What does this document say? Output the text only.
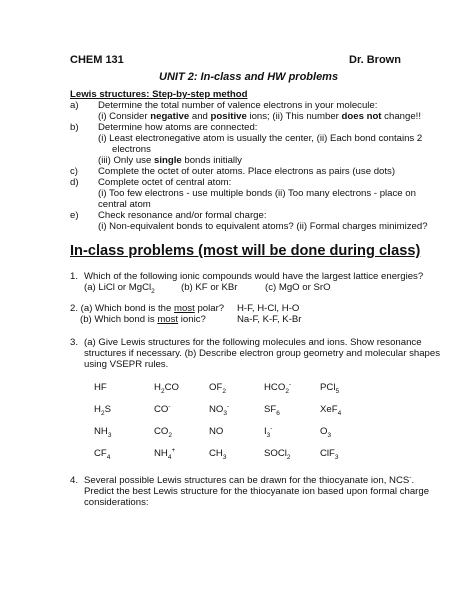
CHEM 131	Dr. Brown
UNIT 2: In-class and HW problems
Lewis structures: Step-by-step method
a) Determine the total number of valence electrons in your molecule:
(i) Consider negative and positive ions; (ii) This number does not change!!
b) Determine how atoms are connected:
(i) Least electronegative atom is usually the center, (ii) Each bond contains 2
electrons
(iii) Only use single bonds initially
c) Complete the octet of outer atoms. Place electrons as pairs (use dots)
d) Complete octet of central atom:
(i) Too few electrons - use multiple bonds (ii) Too many electrons - place on
central atom
e) Check resonance and/or formal charge:
(i) Non-equivalent bonds to equivalent atoms? (ii) Formal charges minimized?
In-class problems (most will be done during class)
1. Which of the following ionic compounds would have the largest lattice energies?
(a) LiCl or MgCl$_2$	(b) KF or KBr	(c) MgO or SrO
2. (a) Which bond is the most polar? H-F, H-Cl, H-O
(b) Which bond is most ionic?	Na-F, K-F, K-Br
3. (a) Give Lewis structures for the following molecules and ions. Show resonance
structures if necessary. (b) Describe electron group geometry and molecular shapes
using VSEPR rules.
HF	$H_2CO$	$OF_2$	$HCO_2^-$	PCl$_5$
$H_2S$	CO-	$NO_3^-$	$SF_6$	XeF$_4$
$NH_3$	$CO_2$	NO	$I_3^-$	$O_3$
$CF_4$	$NH_4^+$	$CH_3$	SOCl$_2$	ClF$_3$
4. Several possible Lewis structures can be drawn for the thiocyanate ion, NCS-.
Predict the best Lewis structure for the thiocyanate ion based upon formal charge
considerations:
